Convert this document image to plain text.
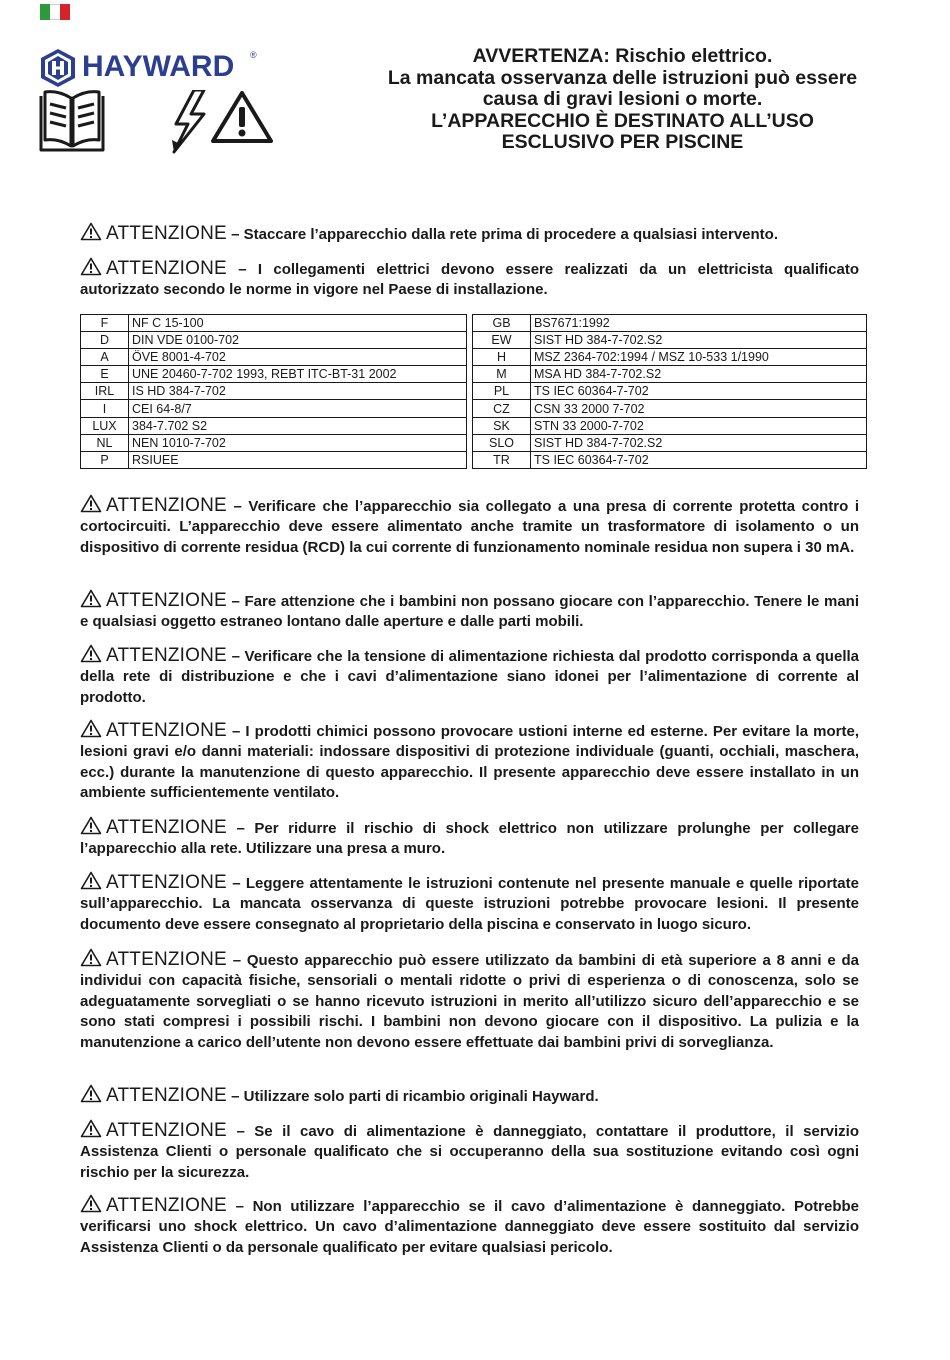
HAYWARD ®	AVVERTENZA: Rischio elettrico.
La mancata osservanza delle istruzioni può essere
causa di gravi lesioni o morte.
L’APPARECCHIO È DESTINATO ALL’USO
ESCLUSIVO PER PISCINE

ATTENZIONE – Staccare l’apparecchio dalla rete prima di procedere a qualsiasi intervento.

ATTENZIONE – I collegamenti elettrici devono essere realizzati da un elettricista qualificato autorizzato secondo le norme in vigore nel Paese di installazione.

F	NF C 15-100		GB	BS7671:1992
D	DIN VDE 0100-702		EW	SIST HD 384-7-702.S2
A	ÖVE 8001-4-702		H	MSZ 2364-702:1994 / MSZ 10-533 1/1990
E	UNE 20460-7-702 1993, REBT ITC-BT-31 2002		M	MSA HD 384-7-702.S2
IRL	IS HD 384-7-702		PL	TS IEC 60364-7-702
I	CEI 64-8/7		CZ	CSN 33 2000 7-702
LUX	384-7.702 S2		SK	STN 33 2000-7-702
NL	NEN 1010-7-702		SLO	SIST HD 384-7-702.S2
P	RSIUEE		TR	TS IEC 60364-7-702

ATTENZIONE – Verificare che l’apparecchio sia collegato a una presa di corrente protetta contro i cortocircuiti. L’apparecchio deve essere alimentato anche tramite un trasformatore di isolamento o un dispositivo di corrente residua (RCD) la cui corrente di funzionamento nominale residua non supera i 30 mA.

ATTENZIONE – Fare attenzione che i bambini non possano giocare con l’apparecchio. Tenere le mani e qualsiasi oggetto estraneo lontano dalle aperture e dalle parti mobili.

ATTENZIONE – Verificare che la tensione di alimentazione richiesta dal prodotto corrisponda a quella della rete di distribuzione e che i cavi d’alimentazione siano idonei per l’alimentazione di corrente al prodotto.

ATTENZIONE – I prodotti chimici possono provocare ustioni interne ed esterne. Per evitare la morte, lesioni gravi e/o danni materiali: indossare dispositivi di protezione individuale (guanti, occhiali, maschera, ecc.) durante la manutenzione di questo apparecchio. Il presente apparecchio deve essere installato in un ambiente sufficientemente ventilato.

ATTENZIONE – Per ridurre il rischio di shock elettrico non utilizzare prolunghe per collegare l’apparecchio alla rete. Utilizzare una presa a muro.

ATTENZIONE – Leggere attentamente le istruzioni contenute nel presente manuale e quelle riportate sull’apparecchio. La mancata osservanza di queste istruzioni potrebbe provocare lesioni. Il presente documento deve essere consegnato al proprietario della piscina e conservato in luogo sicuro.

ATTENZIONE – Questo apparecchio può essere utilizzato da bambini di età superiore a 8 anni e da individui con capacità fisiche, sensoriali o mentali ridotte o privi di esperienza o di conoscenza, solo se adeguatamente sorvegliati o se hanno ricevuto istruzioni in merito all’utilizzo sicuro dell’apparecchio e se sono stati compresi i possibili rischi. I bambini non devono giocare con il dispositivo. La pulizia e la manutenzione a carico dell’utente non devono essere effettuate dai bambini privi di sorveglianza.

ATTENZIONE – Utilizzare solo parti di ricambio originali Hayward.

ATTENZIONE – Se il cavo di alimentazione è danneggiato, contattare il produttore, il servizio Assistenza Clienti o personale qualificato che si occuperanno della sua sostituzione evitando così ogni rischio per la sicurezza.

ATTENZIONE – Non utilizzare l’apparecchio se il cavo d’alimentazione è danneggiato. Potrebbe verificarsi uno shock elettrico. Un cavo d’alimentazione danneggiato deve essere sostituito dal servizio Assistenza Clienti o da personale qualificato per evitare qualsiasi pericolo.
